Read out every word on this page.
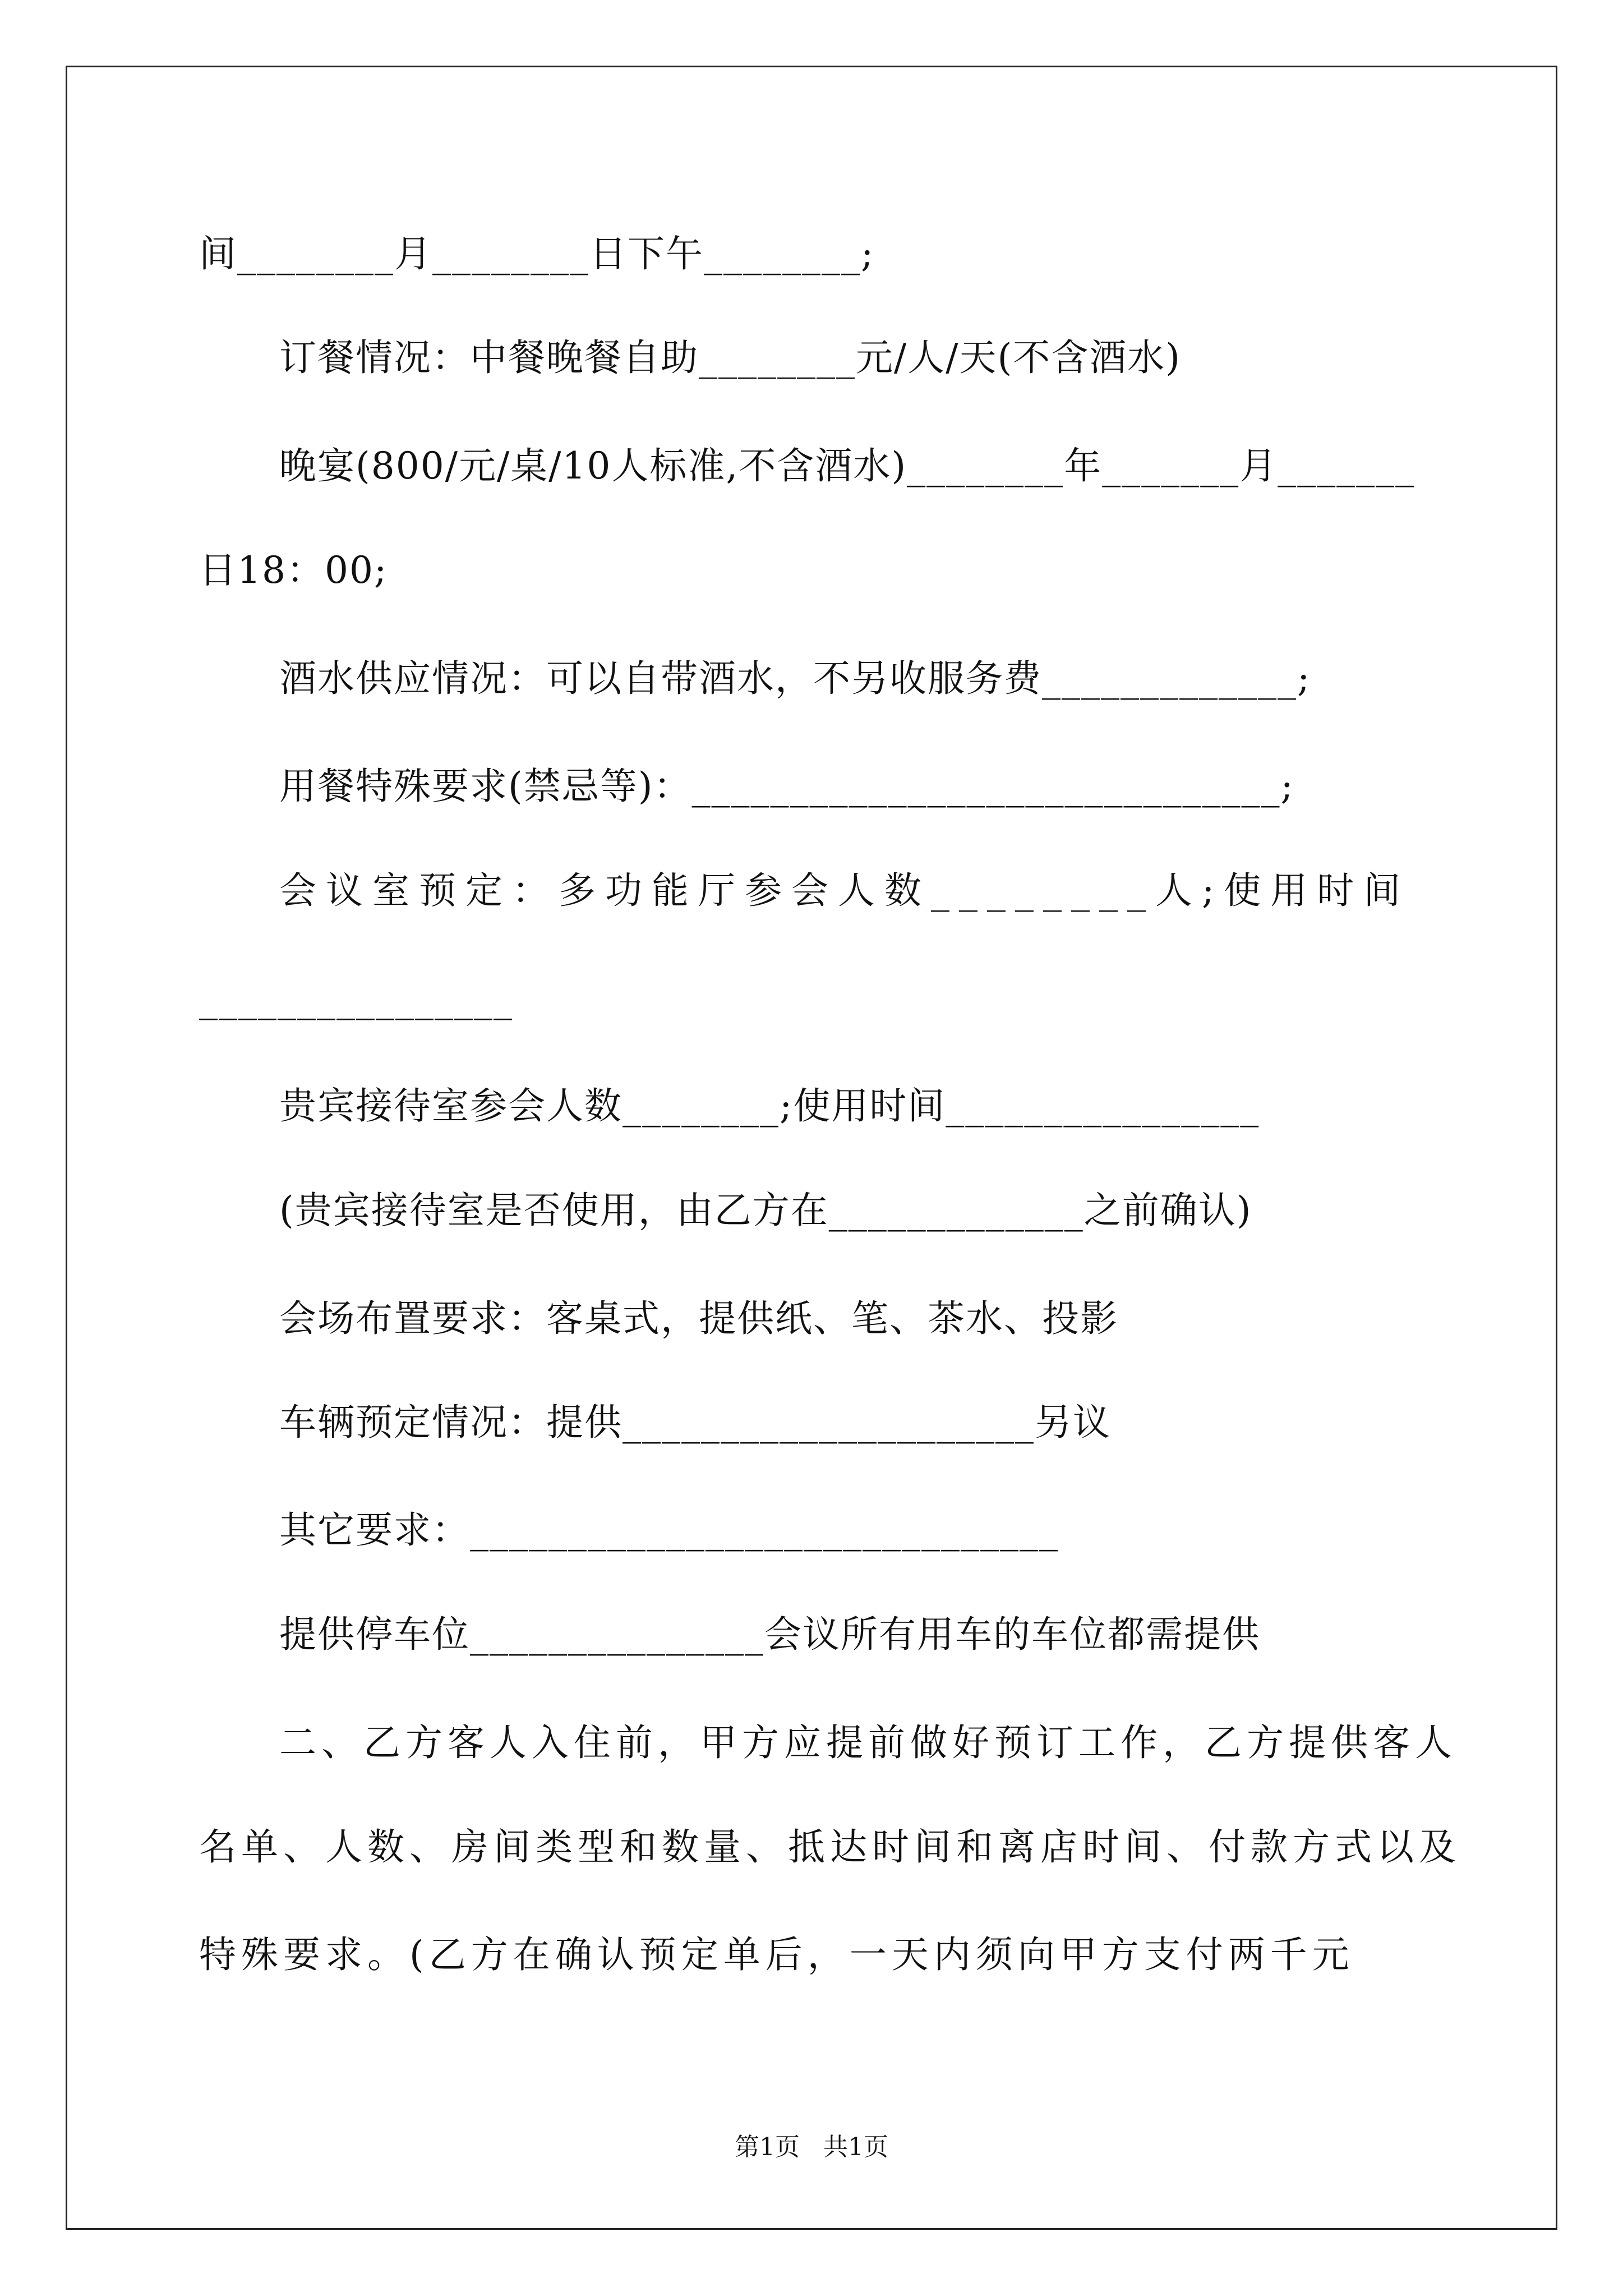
间________月________日下午________;
订餐情况：中餐晚餐自助________元/人/天(不含酒水)
晚宴(800/元/桌/10人标准,不含酒水)________年_______月_______
日18：00;
酒水供应情况：可以自带酒水，不另收服务费_____________;
用餐特殊要求(禁忌等)：______________________________;
会议室预定：多功能厅参会人数________人;使用时间
________________
贵宾接待室参会人数________;使用时间________________
(贵宾接待室是否使用，由乙方在_____________之前确认)
会场布置要求：客桌式，提供纸、笔、茶水、投影
车辆预定情况：提供_____________________另议
其它要求：______________________________
提供停车位_______________会议所有用车的车位都需提供
二、乙方客人入住前，甲方应提前做好预订工作，乙方提供客人
名单、人数、房间类型和数量、抵达时间和离店时间、付款方式以及
特殊要求。(乙方在确认预定单后，一天内须向甲方支付两千元
第1页   共1页
